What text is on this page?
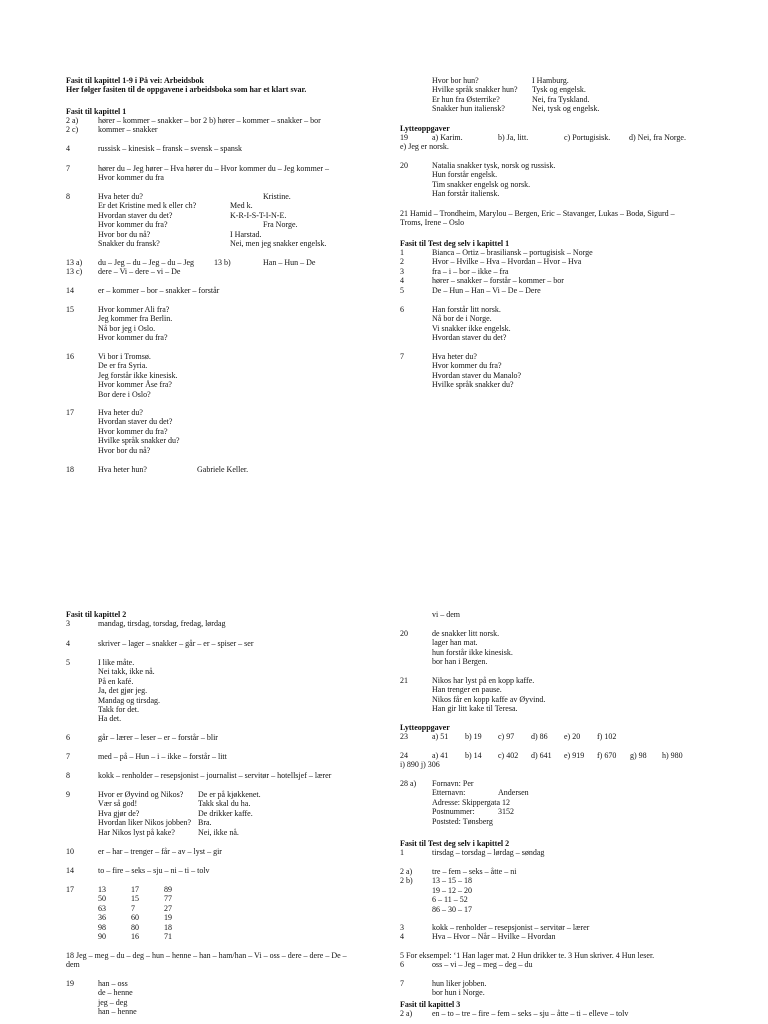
Fasit til kapittel 1-9 i På vei: Arbeidsbok
Her følger fasiten til de oppgavene i arbeidsboka som har et klart svar.
Fasit til kapittel 1
2 a) hører – kommer – snakker – bor 2 b) hører – kommer – snakker – bor
2 c) kommer – snakker
4	russisk – kinesisk – fransk – svensk – spansk
7	hører du – Jeg hører – Hva hører du – Hvor kommer du – Jeg kommer –
Hvor kommer du fra
8	Hva heter du?	Kristine.
Er det Kristine med k eller ch?	Med k.
Hvordan staver du det?	K-R-I-S-T-I-N-E.
Hvor kommer du fra?	Fra Norge.
Hvor bor du nå?	I Harstad.
Snakker du fransk?	Nei, men jeg snakker engelsk.
13 a) du – Jeg – du – Jeg – du – Jeg	13 b)	Han – Hun – De
13 c) dere – Vi – dere – vi – De
14	er – kommer – bor – snakker – forstår
15	Hvor kommer Ali fra?
Jeg kommer fra Berlin.
Nå bor jeg i Oslo.
Hvor kommer du fra?
16	Vi bor i Tromsø.
De er fra Syria.
Jeg forstår ikke kinesisk.
Hvor kommer Åse fra?
Bor dere i Oslo?
17	Hva heter du?
Hvordan staver du det?
Hvor kommer du fra?
Hvilke språk snakker du?
Hvor bor du nå?
18	Hva heter hun?	Gabriele Keller.
Hvor bor hun?	I Hamburg.
Hvilke språk snakker hun? Tysk og engelsk.
Er hun fra Østerrike?	Nei, fra Tyskland.
Snakker hun italiensk?	Nei, tysk og engelsk.
Lytteoppgaver
19	a) Karim.	b) Ja, litt.	c) Portugisisk. d) Nei, fra Norge.
e) Jeg er norsk.
20	Natalia snakker tysk, norsk og russisk.
Hun forstår engelsk.
Tim snakker engelsk og norsk.
Han forstår italiensk.
21 Hamid – Trondheim, Marylou – Bergen, Eric – Stavanger, Lukas – Bodø, Sigurd –
Troms, Irene – Oslo
Fasit til Test deg selv i kapittel 1
1	Bianca – Ortiz – brasiliansk – portugisisk – Norge
2	Hvor – Hvilke – Hva – Hvordan – Hvor – Hva
3	fra – i – bor – ikke – fra
4	hører – snakker – forstår – kommer – bor
5	De – Hun – Han – Vi – De – Dere
6	Han forstår litt norsk.
Nå bor de i Norge.
Vi snakker ikke engelsk.
Hvordan staver du det?
7	Hva heter du?
Hvor kommer du fra?
Hvordan staver du Manalo?
Hvilke språk snakker du?
Fasit til kapittel 2
3	mandag, tirsdag, torsdag, fredag, lørdag
4	skriver – lager – snakker – går – er – spiser – ser
5	I like måte.
Nei takk, ikke nå.
På en kafé.
Ja, det gjør jeg.
Mandag og tirsdag.
Takk for det.
Ha det.
6	går – lærer – leser – er – forstår – blir
7	med – på – Hun – i – ikke – forstår – litt
8	kokk – renholder – resepsjonist – journalist – servitør – hotellsjef – lærer
9	Hvor er Øyvind og Nikos? De er på kjøkkenet.
Vær så god!	Takk skal du ha.
Hva gjør de?	De drikker kaffe.
Hvordan liker Nikos jobben? Bra.
Har Nikos lyst på kake?	Nei, ikke nå.
10	er – har – trenger – får – av – lyst – gir
14	to – fire – seks – sju – ni – ti – tolv
17	13	17	89
50	15	77
63	7	27
36	60	19
98	80	18
90	16	71
18 Jeg – meg – du – deg – hun – henne – han – ham/han – Vi – oss – dere – dere – De –
dem
19	han – oss
de – henne
jeg – deg
han – henne
vi – dem
20	de snakker litt norsk.
lager han mat.
hun forstår ikke kinesisk.
bor han i Bergen.
21	Nikos har lyst på en kopp kaffe.
Han trenger en pause.
Nikos får en kopp kaffe av Øyvind.
Han gir litt kake til Teresa.
Lytteoppgaver
23	a) 51 b) 19 c) 97 d) 86 e) 20 f) 102
24	a) 41 b) 14 c) 402 d) 641 e) 919 f) 670 g) 98 h) 980
i) 890 j) 306
28 a) Fornavn: Per
Etternavn:	Andersen
Adresse: Skippergata 12
Postnummer:	3152
Poststed: Tønsberg
Fasit til Test deg selv i kapittel 2
1	tirsdag – torsdag – lørdag – søndag
2 a) tre – fem – seks – åtte – ni
2 b) 13 – 15 – 18
19 – 12 – 20
6 – 11 – 52
86 – 30 – 17
3	kokk – renholder – resepsjonist – servitør – lærer
4	Hva – Hvor – Når – Hvilke – Hvordan
5 For eksempel: ‘1 Han lager mat. 2 Hun drikker te. 3 Hun skriver. 4 Hun leser.
6	oss – vi – Jeg – meg – deg – du
7	hun liker jobben.
bor hun i Norge.
Fasit til kapittel 3
2 a) en – to – tre – fire – fem – seks – sju – åtte – ti – elleve – tolv
